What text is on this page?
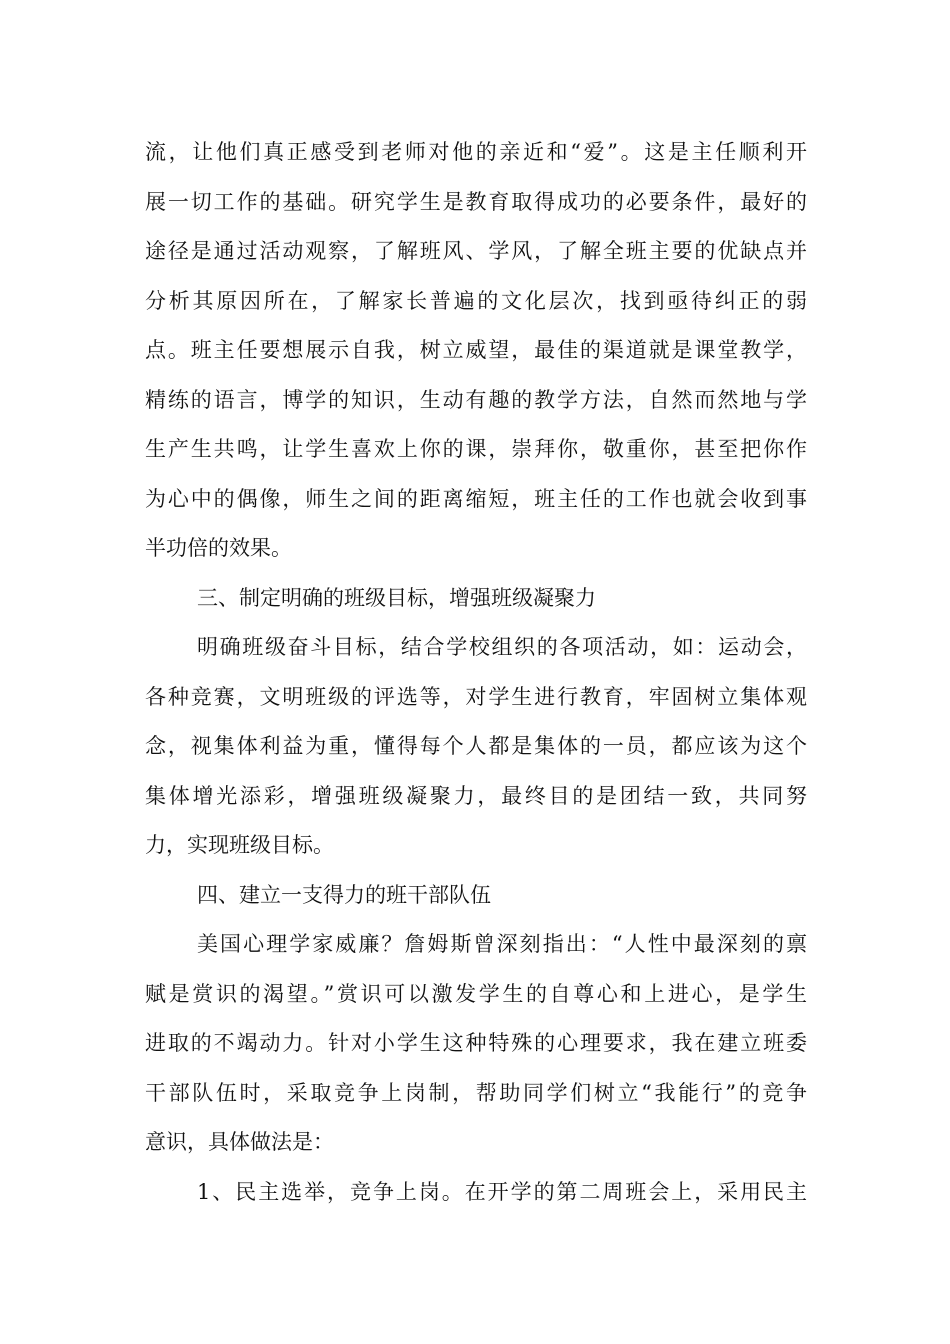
流，让他们真正感受到老师对他的亲近和“爱”。这是主任顺利开
展一切工作的基础。研究学生是教育取得成功的必要条件，最好的
途径是通过活动观察，了解班风、学风，了解全班主要的优缺点并
分析其原因所在，了解家长普遍的文化层次，找到亟待纠正的弱
点。班主任要想展示自我，树立威望，最佳的渠道就是课堂教学，
精练的语言，博学的知识，生动有趣的教学方法，自然而然地与学
生产生共鸣，让学生喜欢上你的课，崇拜你，敬重你，甚至把你作
为心中的偶像，师生之间的距离缩短，班主任的工作也就会收到事
半功倍的效果。
三、制定明确的班级目标，增强班级凝聚力
明确班级奋斗目标，结合学校组织的各项活动，如：运动会，
各种竞赛，文明班级的评选等，对学生进行教育，牢固树立集体观
念，视集体利益为重，懂得每个人都是集体的一员，都应该为这个
集体增光添彩，增强班级凝聚力，最终目的是团结一致，共同努
力，实现班级目标。
四、建立一支得力的班干部队伍
美国心理学家威廉？詹姆斯曾深刻指出：“人性中最深刻的禀
赋是赏识的渴望。”赏识可以激发学生的自尊心和上进心，是学生
进取的不竭动力。针对小学生这种特殊的心理要求，我在建立班委
干部队伍时，采取竞争上岗制，帮助同学们树立“我能行”的竞争
意识，具体做法是：
1、民主选举，竞争上岗。在开学的第二周班会上，采用民主
